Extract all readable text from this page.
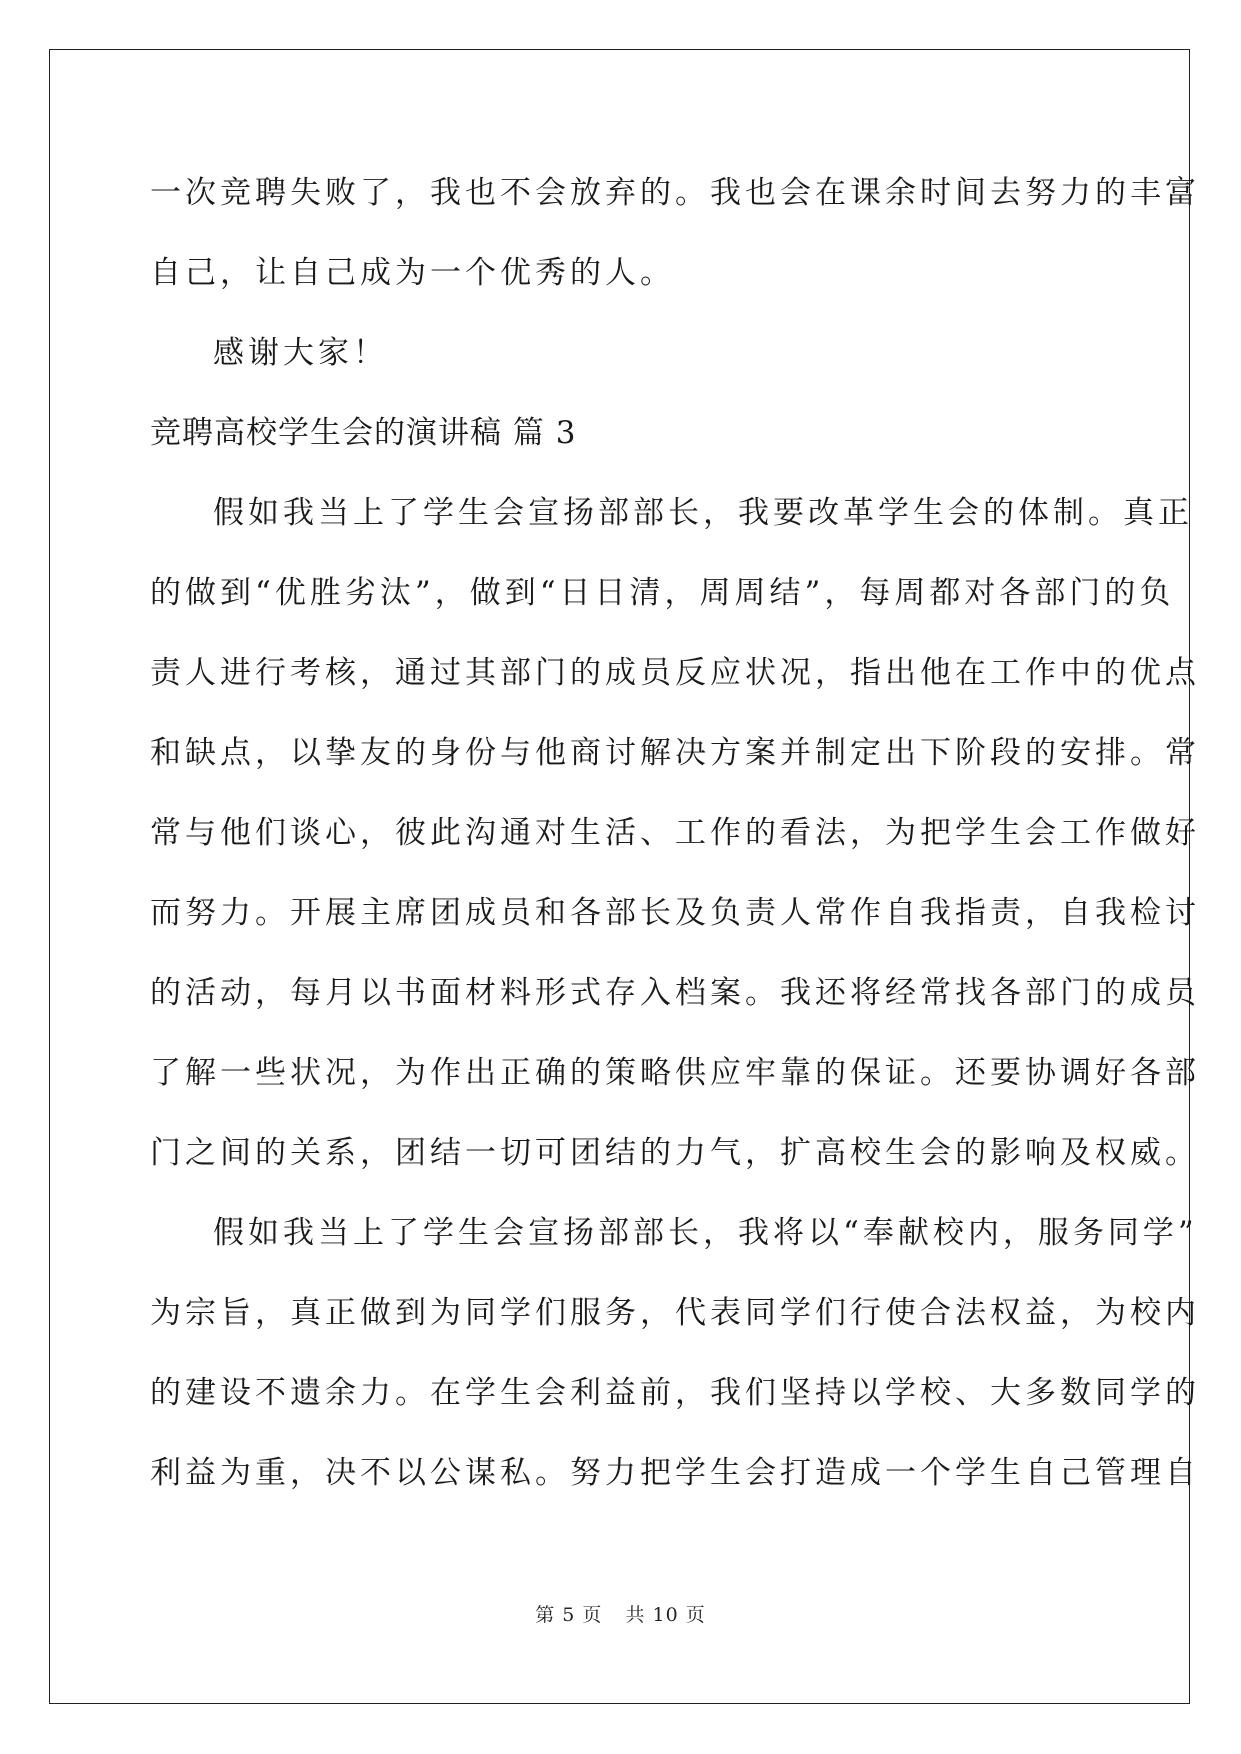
一次竞聘失败了，我也不会放弃的。我也会在课余时间去努力的丰富
自己，让自己成为一个优秀的人。
感谢大家！
竞聘高校学生会的演讲稿 篇 3
假如我当上了学生会宣扬部部长，我要改革学生会的体制。真正
的做到“优胜劣汰”，做到“日日清，周周结”，每周都对各部门的负
责人进行考核，通过其部门的成员反应状况，指出他在工作中的优点
和缺点，以挚友的身份与他商讨解决方案并制定出下阶段的安排。常
常与他们谈心，彼此沟通对生活、工作的看法，为把学生会工作做好
而努力。开展主席团成员和各部长及负责人常作自我指责，自我检讨
的活动，每月以书面材料形式存入档案。我还将经常找各部门的成员
了解一些状况，为作出正确的策略供应牢靠的保证。还要协调好各部
门之间的关系，团结一切可团结的力气，扩高校生会的影响及权威。
假如我当上了学生会宣扬部部长，我将以“奉献校内，服务同学”
为宗旨，真正做到为同学们服务，代表同学们行使合法权益，为校内
的建设不遗余力。在学生会利益前，我们坚持以学校、大多数同学的
利益为重，决不以公谋私。努力把学生会打造成一个学生自己管理自
第 5 页 共 10 页
